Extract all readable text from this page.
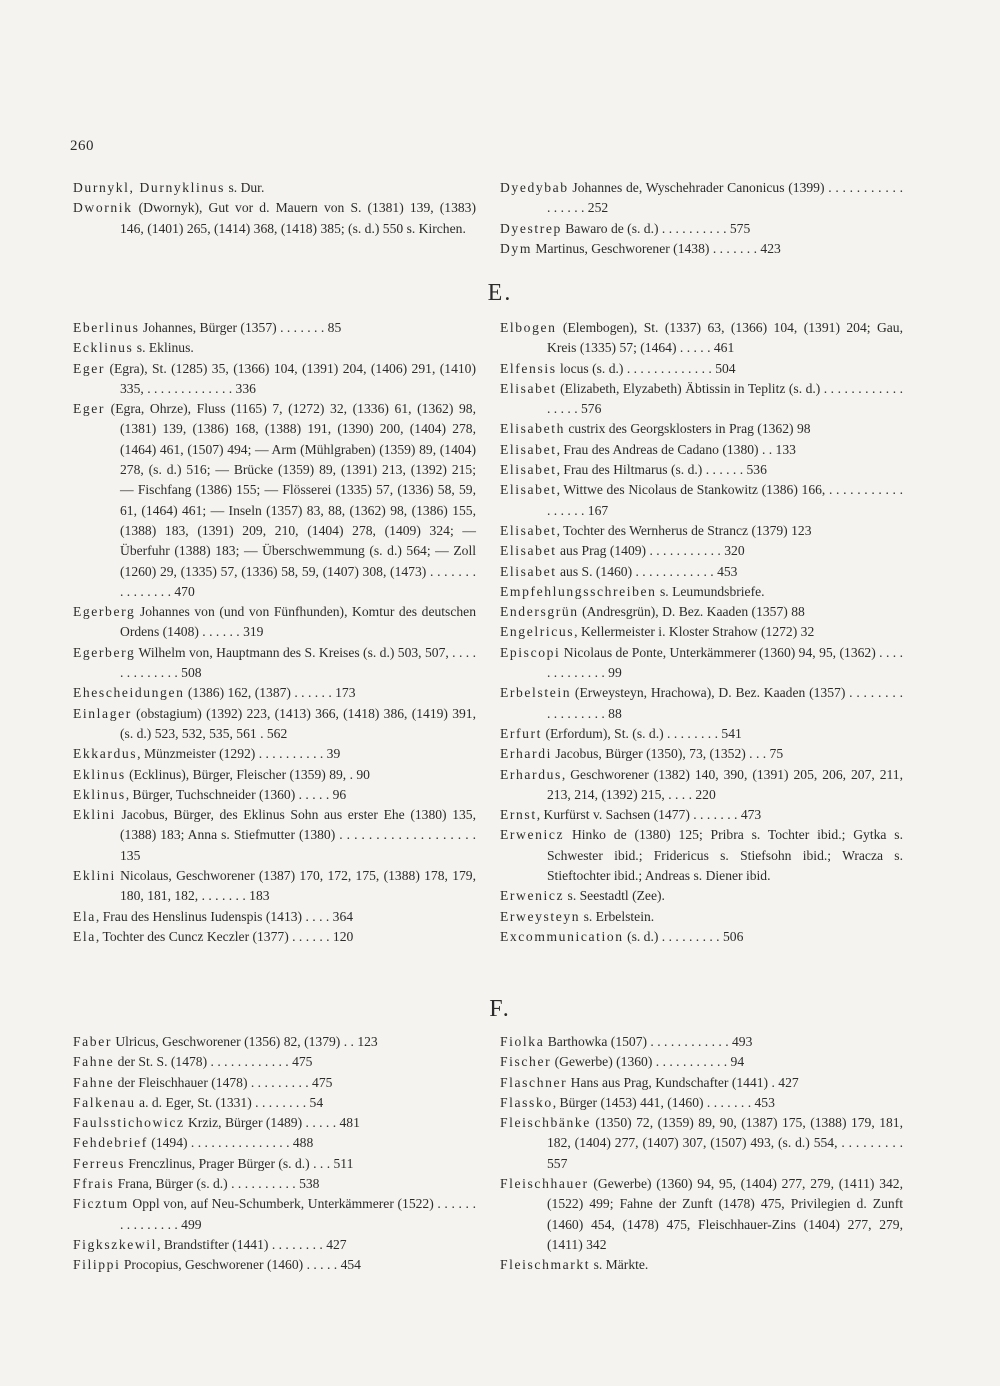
260
Durnykl, Durnyklinus s. Dur.
Dwornik (Dwornyk), Gut vor d. Mauern von S. (1381) 139, (1383) 146, (1401) 265, (1414) 368, (1418) 385; (s. d.) 550 s. Kirchen.
Dyedybab Johannes de, Wyschehrader Canonicus (1399) . . . . . . . . . . . . . . . . . 252
Dyestrep Bawaro de (s. d.) . . . . . . . . . . 575
Dym Martinus, Geschworener (1438) . . . . . . . 423
E.
Eberlinus Johannes, Bürger (1357) . . . . . . . 85
Ecklinus s. Eklinus.
Eger (Egra), St. (1285) 35, (1366) 104, (1391) 204, (1406) 291, (1410) 335, . . . . . . . . . . . . . 336
Eger (Egra, Ohrze), Fluss (1165) 7, (1272) 32, (1336) 61, (1362) 98, (1381) 139, (1386) 168, (1388) 191, (1390) 200, (1404) 278, (1464) 461, (1507) 494; — Arm (Mühlgraben) (1359) 89, (1404) 278, (s. d.) 516; — Brücke (1359) 89, (1391) 213, (1392) 215; — Fischfang (1386) 155; — Flösserei (1335) 57, (1336) 58, 59, 61, (1464) 461; — Inseln (1357) 83, 88, (1362) 98, (1386) 155, (1388) 183, (1391) 209, 210, (1404) 278, (1409) 324; — Überfuhr (1388) 183; — Überschwemmung (s. d.) 564; — Zoll (1260) 29, (1335) 57, (1336) 58, 59, (1407) 308, (1473) . . . . . . . . . . . . . . . 470
Egerberg Johannes von (und von Fünfhunden), Komtur des deutschen Ordens (1408) . . . . . . 319
Egerberg Wilhelm von, Hauptmann des S. Kreises (s. d.) 503, 507, . . . . . . . . . . . . . 508
Ehescheidungen (1386) 162, (1387) . . . . . . 173
Einlager (obstagium) (1392) 223, (1413) 366, (1418) 386, (1419) 391, (s. d.) 523, 532, 535, 561 . 562
Ekkardus, Münzmeister (1292) . . . . . . . . . . 39
Eklinus (Ecklinus), Bürger, Fleischer (1359) 89, . 90
Eklinus, Bürger, Tuchschneider (1360) . . . . . 96
Eklini Jacobus, Bürger, des Eklinus Sohn aus erster Ehe (1380) 135, (1388) 183; Anna s. Stiefmutter (1380) . . . . . . . . . . . . . . . . . . . 135
Eklini Nicolaus, Geschworener (1387) 170, 172, 175, (1388) 178, 179, 180, 181, 182, . . . . . . . 183
Ela, Frau des Henslinus Iudenspis (1413) . . . . 364
Ela, Tochter des Cuncz Keczler (1377) . . . . . . 120
Elbogen (Elembogen), St. (1337) 63, (1366) 104, (1391) 204; Gau, Kreis (1335) 57; (1464) . . . . . 461
Elfensis locus (s. d.) . . . . . . . . . . . . . 504
Elisabet (Elizabeth, Elyzabeth) Äbtissin in Teplitz (s. d.) . . . . . . . . . . . . . . . . . 576
Elisabeth custrix des Georgsklosters in Prag (1362) 98
Elisabet, Frau des Andreas de Cadano (1380) . . 133
Elisabet, Frau des Hiltmarus (s. d.) . . . . . . 536
Elisabet, Wittwe des Nicolaus de Stankowitz (1386) 166, . . . . . . . . . . . . . . . . . 167
Elisabet, Tochter des Wernherus de Strancz (1379) 123
Elisabet aus Prag (1409) . . . . . . . . . . . 320
Elisabet aus S. (1460) . . . . . . . . . . . . 453
Empfehlungsschreiben s. Leumundsbriefe.
Endersgrün (Andresgrün), D. Bez. Kaaden (1357) 88
Engelricus, Kellermeister i. Kloster Strahow (1272) 32
Episcopi Nicolaus de Ponte, Unterkämmerer (1360) 94, 95, (1362) . . . . . . . . . . . . . 99
Erbelstein (Erweysteyn, Hrachowa), D. Bez. Kaaden (1357) . . . . . . . . . . . . . . . . . 88
Erfurt (Erfordum), St. (s. d.) . . . . . . . . 541
Erhardi Jacobus, Bürger (1350), 73, (1352) . . . 75
Erhardus, Geschworener (1382) 140, 390, (1391) 205, 206, 207, 211, 213, 214, (1392) 215, . . . . 220
Ernst, Kurfürst v. Sachsen (1477) . . . . . . . 473
Erwenicz Hinko de (1380) 125; Pribra s. Tochter ibid.; Gytka s. Schwester ibid.; Fridericus s. Stiefsohn ibid.; Wracza s. Stieftochter ibid.; Andreas s. Diener ibid.
Erwenicz s. Seestadtl (Zee).
Erweysteyn s. Erbelstein.
Excommunication (s. d.) . . . . . . . . . 506
F.
Faber Ulricus, Geschworener (1356) 82, (1379) . . 123
Fahne der St. S. (1478) . . . . . . . . . . . . 475
Fahne der Fleischhauer (1478) . . . . . . . . . 475
Falkenau a. d. Eger, St. (1331) . . . . . . . . 54
Faulsstichowicz Krziz, Bürger (1489) . . . . . 481
Fehdebrief (1494) . . . . . . . . . . . . . . . 488
Ferreus Frenczlinus, Prager Bürger (s. d.) . . . 511
Ffrais Frana, Bürger (s. d.) . . . . . . . . . . 538
Ficztum Oppl von, auf Neu-Schumberk, Unterkämmerer (1522) . . . . . . . . . . . . . . . 499
Figkszkewil, Brandstifter (1441) . . . . . . . . 427
Filippi Procopius, Geschworener (1460) . . . . . 454
Fiolka Barthowka (1507) . . . . . . . . . . . . 493
Fischer (Gewerbe) (1360) . . . . . . . . . . . 94
Flaschner Hans aus Prag, Kundschafter (1441) . 427
Flassko, Bürger (1453) 441, (1460) . . . . . . . 453
Fleischbänke (1350) 72, (1359) 89, 90, (1387) 175, (1388) 179, 181, 182, (1404) 277, (1407) 307, (1507) 493, (s. d.) 554, . . . . . . . . . 557
Fleischhauer (Gewerbe) (1360) 94, 95, (1404) 277, 279, (1411) 342, (1522) 499; Fahne der Zunft (1478) 475, Privilegien d. Zunft (1460) 454, (1478) 475, Fleischhauer-Zins (1404) 277, 279, (1411) 342
Fleischmarkt s. Märkte.
